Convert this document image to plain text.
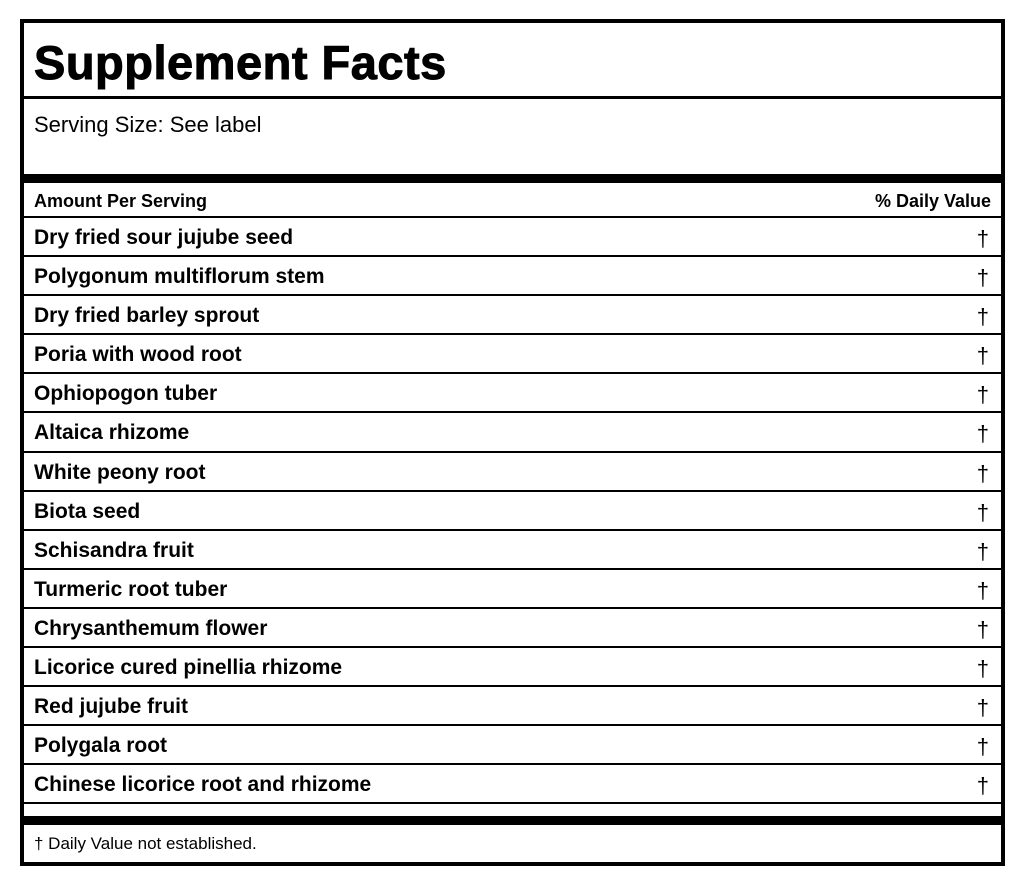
Supplement Facts
Serving Size: See label
Amount Per Serving	% Daily Value
Dry fried sour jujube seed	†
Polygonum multiflorum stem	†
Dry fried barley sprout	†
Poria with wood root	†
Ophiopogon tuber	†
Altaica rhizome	†
White peony root	†
Biota seed	†
Schisandra fruit	†
Turmeric root tuber	†
Chrysanthemum flower	†
Licorice cured pinellia rhizome	†
Red jujube fruit	†
Polygala root	†
Chinese licorice root and rhizome	†
† Daily Value not established.
